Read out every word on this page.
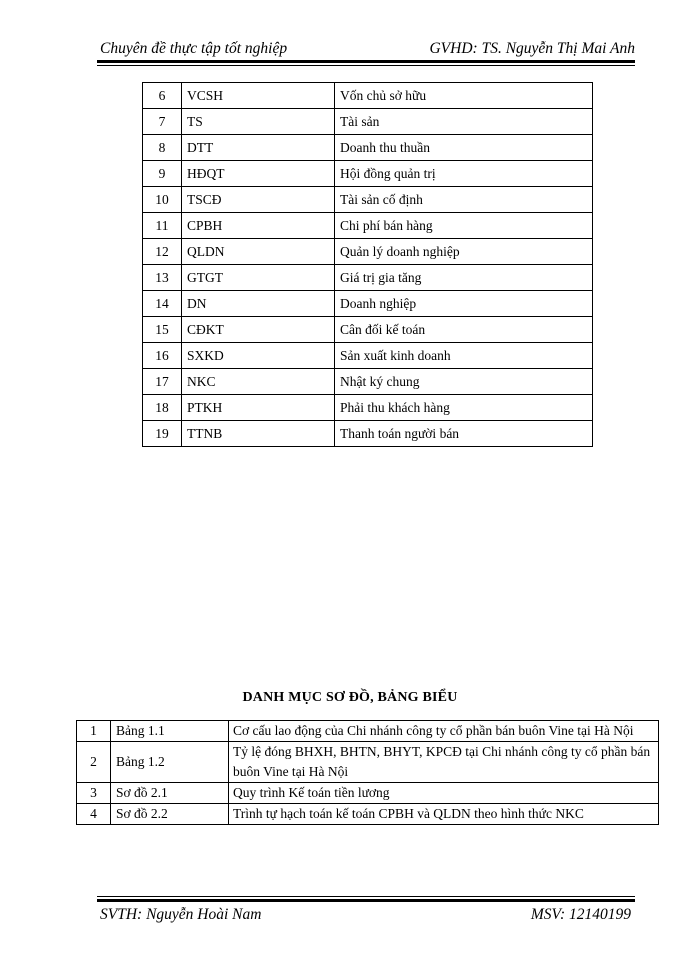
Chuyên đề thực tập tốt nghiệp	GVHD: TS. Nguyễn Thị Mai Anh
6	VCSH	Vốn chủ sở hữu
7	TS	Tài sản
8	DTT	Doanh thu thuần
9	HĐQT	Hội đồng quản trị
10	TSCĐ	Tài sản cố định
11	CPBH	Chi phí bán hàng
12	QLDN	Quản lý doanh nghiệp
13	GTGT	Giá trị gia tăng
14	DN	Doanh nghiệp
15	CĐKT	Cân đối kế toán
16	SXKD	Sản xuất kinh doanh
17	NKC	Nhật ký chung
18	PTKH	Phải thu khách hàng
19	TTNB	Thanh toán người bán
DANH MỤC SƠ ĐỒ, BẢNG BIỂU
1	Bảng 1.1	Cơ cấu lao động của Chi nhánh công ty cổ phần bán buôn Vine tại Hà Nội
2	Bảng 1.2	Tỷ lệ đóng BHXH, BHTN, BHYT, KPCĐ tại Chi nhánh công ty cổ phần bán buôn Vine tại Hà Nội
3	Sơ đồ 2.1	Quy trình Kế toán tiền lương
4	Sơ đồ 2.2	Trình tự hạch toán kế toán CPBH và QLDN theo hình thức NKC
SVTH: Nguyễn Hoài Nam	MSV: 12140199
